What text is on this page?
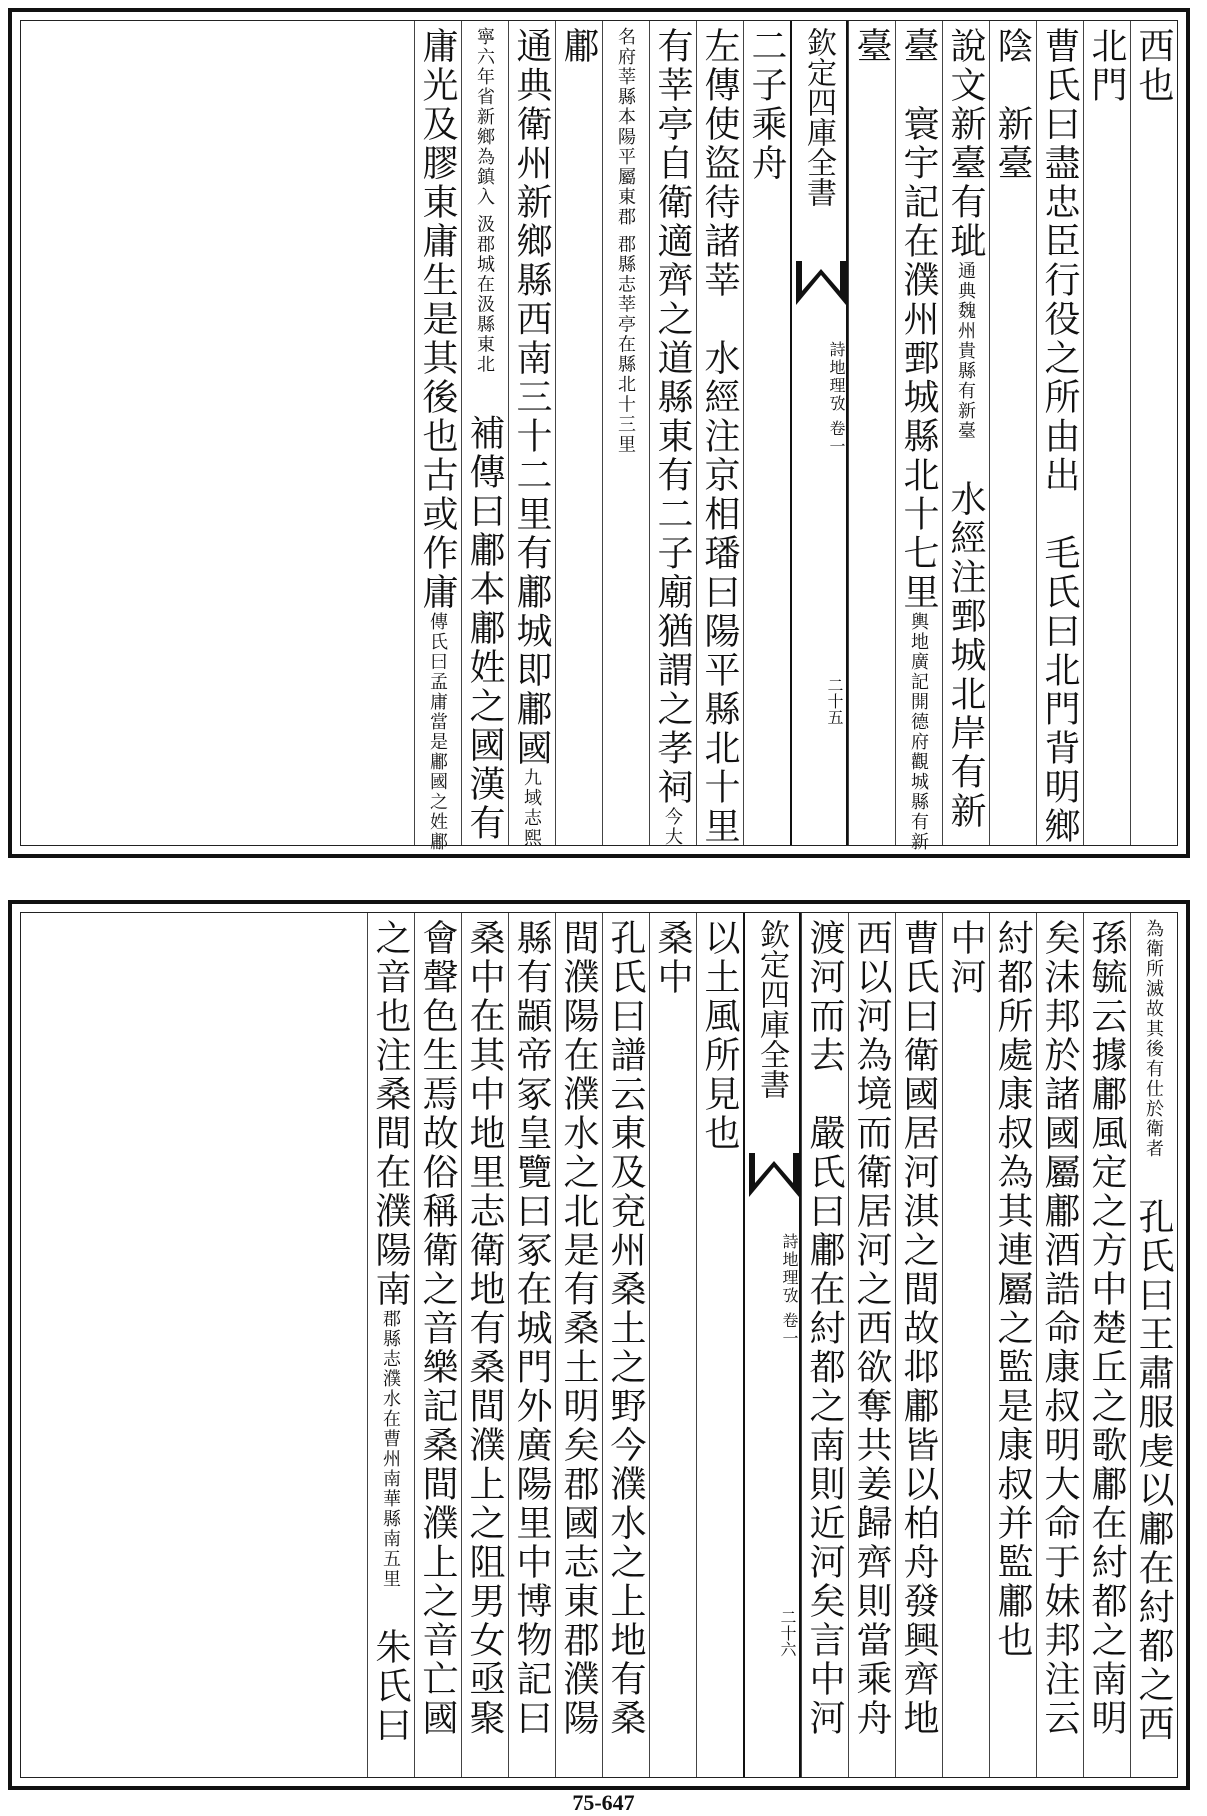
西也
北門
曹氏曰盡忠臣行役之所由出　毛氏曰北門背明鄉
陰　新臺
說文新臺有玼通典魏州貴縣有新臺　水經注鄄城北岸有新
臺　寰宇記在濮州鄄城縣北十七里輿地廣記開德府觀城縣有新
臺
欽定四庫全書
詩地理攷 卷一
二十五
二子乘舟
左傳使盜待諸莘　水經注京相璠曰陽平縣北十里
有莘亭自衛適齊之道縣東有二子廟猶謂之孝祠今大
名府莘縣本陽平屬東郡 郡縣志莘亭在縣北十三里
鄘
通典衛州新鄉縣西南三十二里有鄘城即鄘國九域志熙
寧六年省新鄉為鎮入 汲郡城在汲縣東北　補傳曰鄘本鄘姓之國漢有
庸光及膠東庸生是其後也古或作庸傳氏曰孟庸當是鄘國之姓鄘
為衛所滅故其後有仕於衛者　孔氏曰王肅服虔以鄘在紂都之西
孫毓云據鄘風定之方中楚丘之歌鄘在紂都之南明
矣沬邦於諸國屬鄘酒誥命康叔明大命于妹邦注云
紂都所處康叔為其連屬之監是康叔并監鄘也
中河
曹氏曰衛國居河淇之間故邶鄘皆以柏舟發興齊地
西以河為境而衛居河之西欲奪共姜歸齊則當乘舟
渡河而去　嚴氏曰鄘在紂都之南則近河矣言中河
欽定四庫全書
詩地理攷 卷一
二十六
以土風所見也
桑中
孔氏曰譜云東及兗州桑土之野今濮水之上地有桑
間濮陽在濮水之北是有桑土明矣郡國志東郡濮陽
縣有顓帝冢皇覽曰冢在城門外廣陽里中博物記曰
桑中在其中地里志衛地有桑間濮上之阻男女亟聚
會聲色生焉故俗稱衛之音樂記桑間濮上之音亡國
之音也注桑間在濮陽南郡縣志濮水在曹州南華縣南五里　朱氏曰
75-647
